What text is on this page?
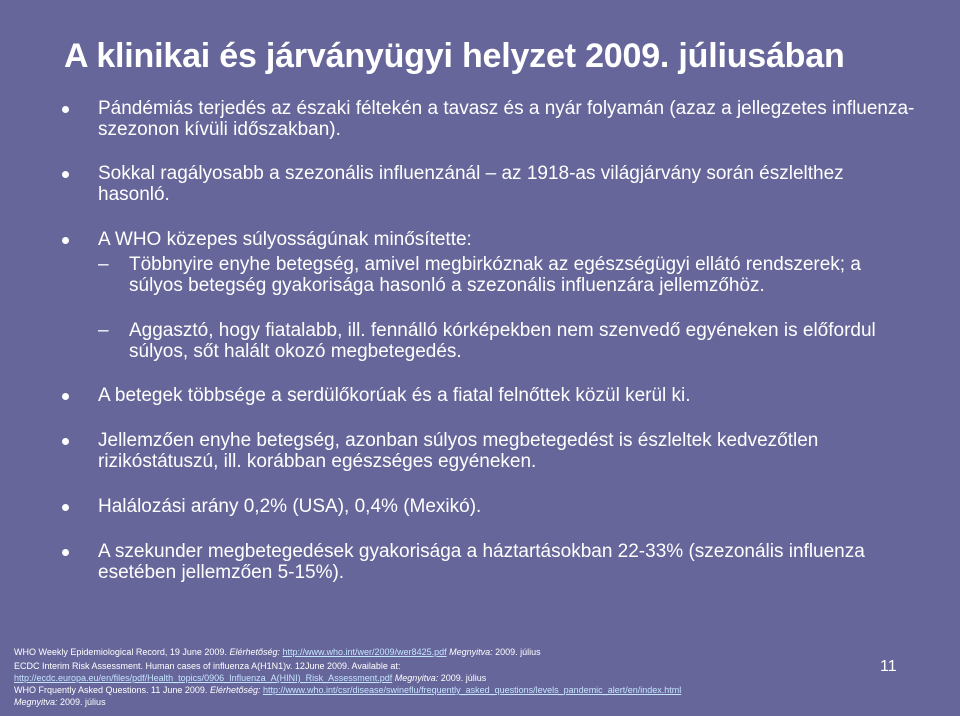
A klinikai és járványügyi helyzet 2009. júliusában
Pándémiás terjedés az északi féltekén a tavasz és a nyár folyamán (azaz a jellegzetes influenza-szezonon kívüli időszakban).
Sokkal ragályosabb a szezonális influenzánál – az 1918-as világjárvány során észlelthez hasonló.
A WHO közepes súlyosságúnak minősítette:
– Többnyire enyhe betegség, amivel megbirkóznak az egészségügyi ellátó rendszerek; a súlyos betegség gyakorisága hasonló a szezonális influenzára jellemzőhöz.
– Aggasztó, hogy fiatalabb, ill. fennálló kórképekben nem szenvedő egyéneken is előfordul súlyos, sőt halált okozó megbetegedés.
A betegek többsége a serdülőkorúak és a fiatal felnőttek közül kerül ki.
Jellemzően enyhe betegség, azonban súlyos megbetegedést is észleltek kedvezőtlen rizikóstátuszú, ill. korábban egészséges egyéneken.
Halálozási arány 0,2% (USA), 0,4% (Mexikó).
A szekunder megbetegedések gyakorisága a háztartásokban 22-33% (szezonális influenza esetében jellemzően 5-15%).
WHO Weekly Epidemiological Record, 19 June 2009. Elérhetőség: http://www.who.int/wer/2009/wer8425.pdf Megnyitva: 2009. július
ECDC Interim Risk Assessment. Human cases of influenza A(H1N1)v. 12June 2009. Available at:
http://ecdc.europa.eu/en/files/pdf/Health_topics/0906_Influenza_A(HINI)_Risk_Assessment.pdf Megnyitva: 2009. július
WHO Frquently Asked Questions. 11 June 2009. Elérhetőség: http://www.who.int/csr/disease/swineflu/frequently_asked_questions/levels_pandemic_alert/en/index.html
Megnyitva: 2009. július
11
